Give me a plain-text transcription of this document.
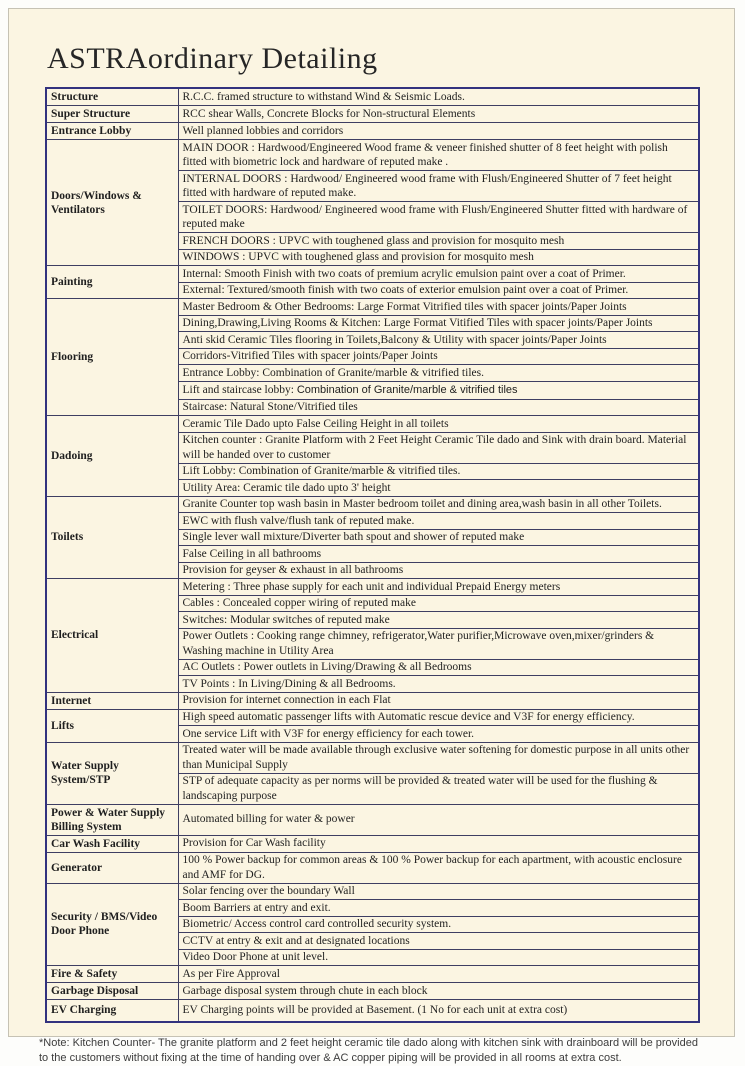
ASTRAordinary Detailing
Structure	R.C.C. framed structure to withstand Wind & Seismic Loads.
Super Structure	RCC shear Walls, Concrete Blocks for Non-structural Elements
Entrance Lobby	Well planned lobbies and corridors
Doors/Windows & Ventilators	MAIN DOOR : Hardwood/Engineered Wood frame & veneer finished shutter of 8 feet height with polish fitted with biometric lock and hardware of reputed make .
	INTERNAL DOORS : Hardwood/ Engineered wood frame with Flush/Engineered Shutter of 7 feet height fitted with hardware of reputed make.
	TOILET DOORS: Hardwood/ Engineered wood frame with Flush/Engineered Shutter fitted with hardware of reputed make
	FRENCH DOORS : UPVC with toughened glass and provision for mosquito mesh
	WINDOWS : UPVC with toughened glass and provision for mosquito mesh
Painting	Internal: Smooth Finish with two coats of premium acrylic emulsion paint over a coat of Primer.
	External: Textured/smooth finish with two coats of exterior emulsion paint over a coat of Primer.
Flooring	Master Bedroom & Other Bedrooms: Large Format Vitrified tiles with spacer joints/Paper Joints
	Dining,Drawing,Living Rooms & Kitchen: Large Format Vitified Tiles with spacer joints/Paper Joints
	Anti skid Ceramic Tiles flooring in Toilets,Balcony & Utility with spacer joints/Paper Joints
	Corridors-Vitrified Tiles with spacer joints/Paper Joints
	Entrance Lobby: Combination of Granite/marble & vitrified tiles.
	Lift and staircase lobby: Combination of Granite/marble & vitrified tiles
	Staircase: Natural Stone/Vitrified tiles
Dadoing	Ceramic Tile Dado upto False Ceiling Height in all toilets
	Kitchen counter : Granite Platform with 2 Feet Height Ceramic Tile dado and Sink with drain board. Material will be handed over to customer
	Lift Lobby: Combination of Granite/marble & vitrified tiles.
	Utility Area: Ceramic tile dado upto 3' height
Toilets	Granite Counter top wash basin in Master bedroom toilet and dining area,wash basin in all other Toilets.
	EWC with flush valve/flush tank of reputed make.
	Single lever wall mixture/Diverter bath spout and shower of reputed make
	False Ceiling in all bathrooms
	Provision for geyser & exhaust in all bathrooms
Electrical	Metering : Three phase supply for each unit and individual Prepaid Energy meters
	Cables : Concealed copper wiring of reputed make
	Switches: Modular switches of reputed make
	Power Outlets : Cooking range chimney, refrigerator,Water purifier,Microwave oven,mixer/grinders & Washing machine in Utility Area
	AC Outlets : Power outlets in Living/Drawing & all Bedrooms
	TV Points : In Living/Dining & all Bedrooms.
Internet	Provision for internet connection in each Flat
Lifts	High speed automatic passenger lifts with Automatic rescue device and V3F for energy efficiency.
	One service Lift with V3F for energy efficiency for each tower.
Water Supply System/STP	Treated water will be made available through exclusive water softening for domestic purpose in all units other than Municipal Supply
	STP of adequate capacity as per norms will be provided & treated water will be used for the flushing & landscaping purpose
Power & Water Supply Billing System	Automated billing for water & power
Car Wash Facility	Provision for Car Wash facility
Generator	100 % Power backup for common areas & 100 % Power backup for each apartment, with acoustic enclosure and AMF for DG.
Security / BMS/Video Door Phone	Solar fencing over the boundary Wall
	Boom Barriers at entry and exit.
	Biometric/ Access control card controlled security system.
	CCTV at entry & exit and at designated locations
	Video Door Phone at unit level.
Fire & Safety	As per Fire Approval
Garbage Disposal	Garbage disposal system through chute in each block
EV Charging	EV Charging points will be provided at Basement. (1 No for each unit at extra cost)
*Note: Kitchen Counter- The granite platform and 2 feet height ceramic tile dado along with kitchen sink with drainboard will be provided to the customers without fixing at the time of handing over & AC copper piping will be provided in all rooms at extra cost.
